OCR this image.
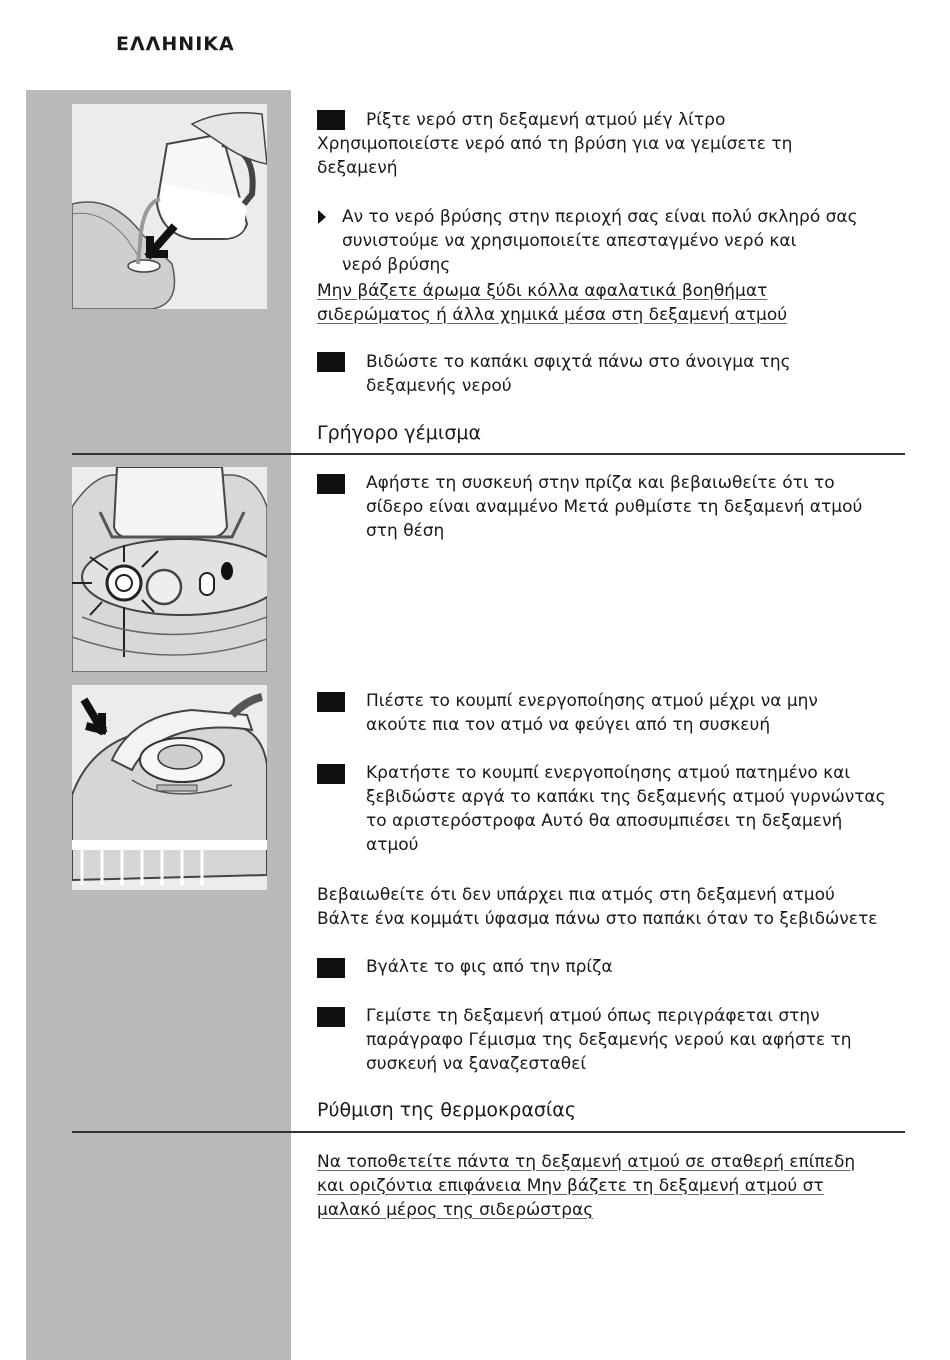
ΕΛΛΗΝΙΚΑ
Ρίξτε νερό στη δεξαμενή ατμού μέγ λίτρο
Χρησιμοποιείστε νερό από τη βρύση για να γεμίσετε τη
δεξαμενή
Αν το νερό βρύσης στην περιοχή σας είναι πολύ σκληρό σας
συνιστούμε να χρησιμοποιείτε απεσταγμένο νερό και
νερό βρύσης
Μην βάζετε άρωμα ξύδι κόλλα αφαλατικά βοηθήματ
σιδερώματος ή άλλα χημικά μέσα στη δεξαμενή ατμού
Βιδώστε το καπάκι σφιχτά πάνω στο άνοιγμα της
δεξαμενής νερού
Γρήγορο γέμισμα
Αφήστε τη συσκευή στην πρίζα και βεβαιωθείτε ότι το
σίδερο είναι αναμμένο Μετά ρυθμίστε τη δεξαμενή ατμού
στη θέση
Πιέστε το κουμπί ενεργοποίησης ατμού μέχρι να μην
ακούτε πια τον ατμό να φεύγει από τη συσκευή
Κρατήστε το κουμπί ενεργοποίησης ατμού πατημένο και
ξεβιδώστε αργά το καπάκι της δεξαμενής ατμού γυρνώντας
το αριστερόστροφα Αυτό θα αποσυμπιέσει τη δεξαμενή
ατμού
Βεβαιωθείτε ότι δεν υπάρχει πια ατμός στη δεξαμενή ατμού
Βάλτε ένα κομμάτι ύφασμα πάνω στο παπάκι όταν το ξεβιδώνετε
Βγάλτε το φις από την πρίζα
Γεμίστε τη δεξαμενή ατμού όπως περιγράφεται στην
παράγραφο Γέμισμα της δεξαμενής νερού και αφήστε τη
συσκευή να ξαναζεσταθεί
Ρύθμιση της θερμοκρασίας
Να τοποθετείτε πάντα τη δεξαμενή ατμού σε σταθερή επίπεδη
και οριζόντια επιφάνεια Μην βάζετε τη δεξαμενή ατμού στ
μαλακό μέρος της σιδερώστρας
